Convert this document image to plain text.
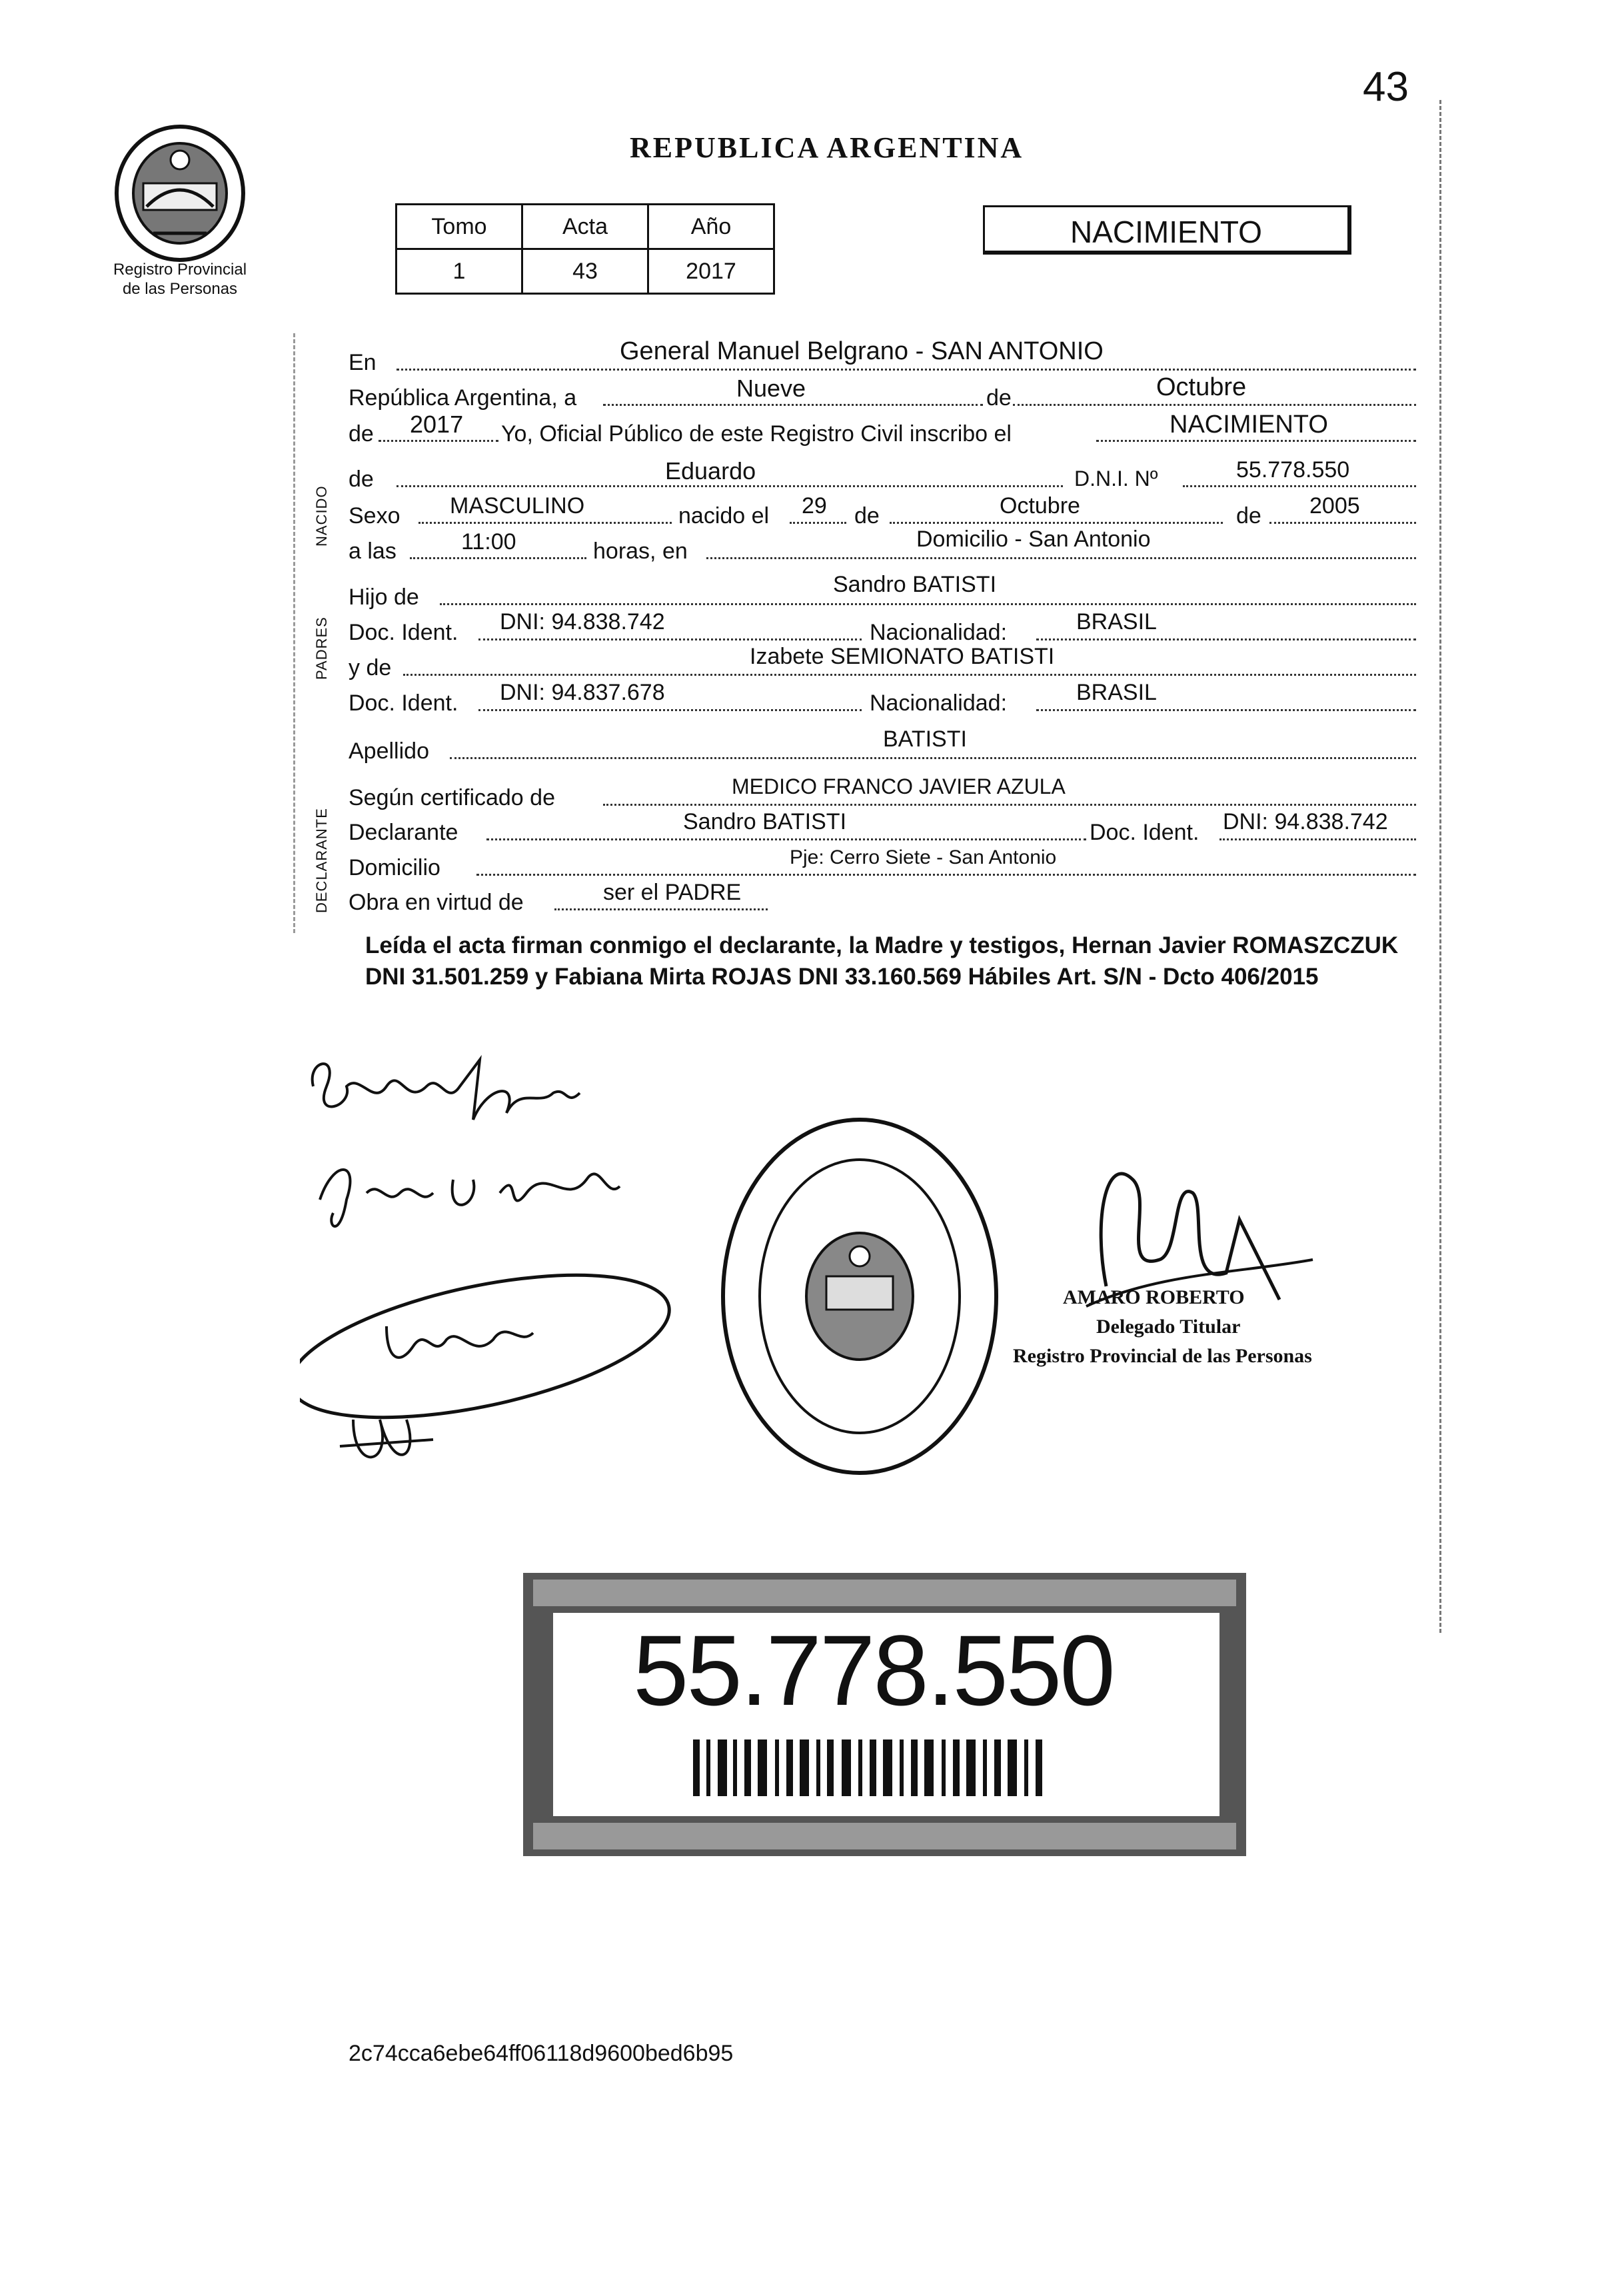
43
Registro Provincial
de las Personas
REPUBLICA ARGENTINA
Tomo	Acta	Año
1	43	2017
NACIMIENTO
NACIDO
PADRES
DECLARANTE
En	General Manuel Belgrano - SAN ANTONIO
República Argentina, a	Nueve	de	Octubre
de 2017 Yo, Oficial Público de este Registro Civil inscribo el	NACIMIENTO
de	Eduardo	D.N.I. Nº	55.778.550
Sexo MASCULINO	nacido el 29 de	Octubre	de 2005
a las	11:00	horas, en	Domicilio - San Antonio
Hijo de	Sandro BATISTI
Doc. Ident. DNI: 94.838.742	Nacionalidad:	BRASIL
y de	Izabete SEMIONATO BATISTI
Doc. Ident. DNI: 94.837.678	Nacionalidad:	BRASIL
Apellido	BATISTI
Según certificado de	MEDICO FRANCO JAVIER AZULA
Declarante	Sandro BATISTI	Doc. Ident. DNI: 94.838.742
Domicilio	Pje: Cerro Siete - San Antonio
Obra en virtud de	ser el PADRE
Leída el acta firman conmigo el declarante, la Madre y testigos, Hernan Javier ROMASZCZUK DNI 31.501.259 y Fabiana Mirta ROJAS DNI 33.160.569 Hábiles Art. S/N - Dcto 406/2015
AMARO ROBERTO
Delegado Titular
Registro Provincial de las Personas
55.778.550
2c74cca6ebe64ff06118d9600bed6b95
